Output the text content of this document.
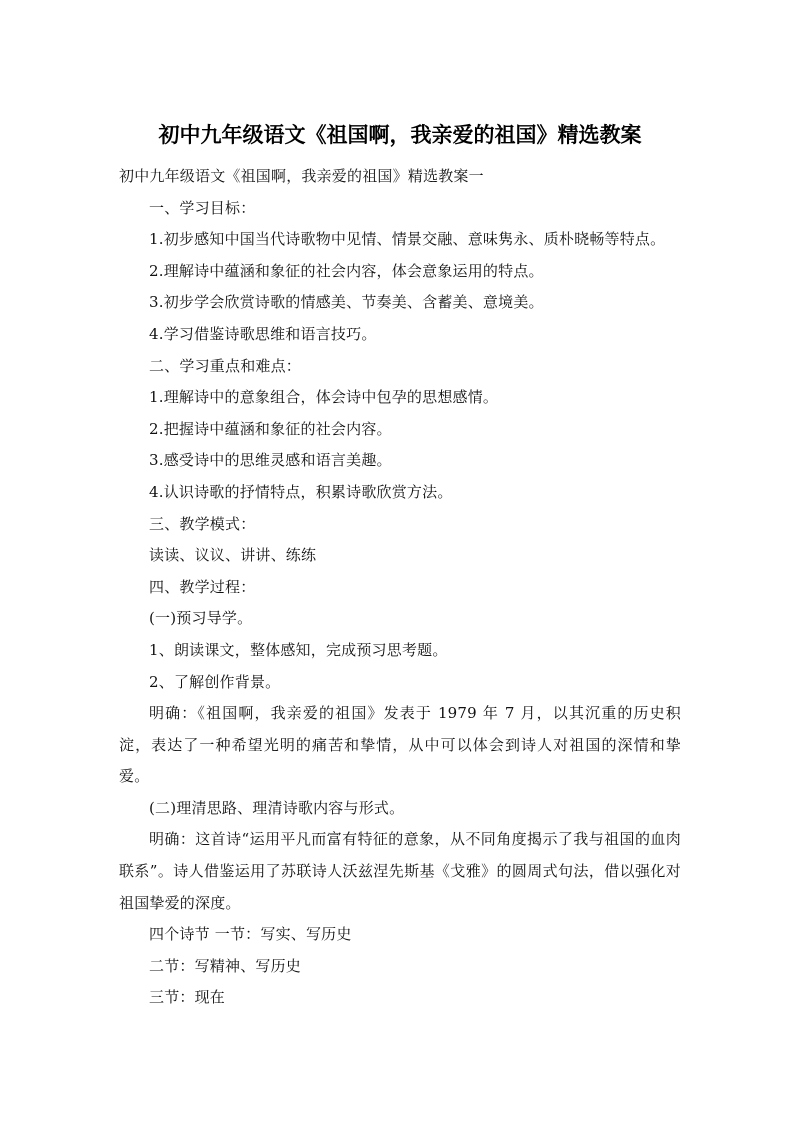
初中九年级语文《祖国啊，我亲爱的祖国》精选教案

初中九年级语文《祖国啊，我亲爱的祖国》精选教案一

一、学习目标：

1.初步感知中国当代诗歌物中见情、情景交融、意味隽永、质朴晓畅等特点。

2.理解诗中蕴涵和象征的社会内容，体会意象运用的特点。

3.初步学会欣赏诗歌的情感美、节奏美、含蓄美、意境美。

4.学习借鉴诗歌思维和语言技巧。

二、学习重点和难点：

1.理解诗中的意象组合，体会诗中包孕的思想感情。

2.把握诗中蕴涵和象征的社会内容。

3.感受诗中的思维灵感和语言美趣。

4.认识诗歌的抒情特点，积累诗歌欣赏方法。

三、教学模式：

读读、议议、讲讲、练练

四、教学过程：

(一)预习导学。

1、朗读课文，整体感知，完成预习思考题。

2、了解创作背景。

明确：《祖国啊，我亲爱的祖国》发表于 1979 年 7 月，以其沉重的历史积淀，表达了一种希望光明的痛苦和挚情，从中可以体会到诗人对祖国的深情和挚爱。

(二)理清思路、理清诗歌内容与形式。

明确：这首诗“运用平凡而富有特征的意象，从不同角度揭示了我与祖国的血肉联系”。诗人借鉴运用了苏联诗人沃兹涅先斯基《戈雅》的圆周式句法，借以强化对祖国挚爱的深度。

四个诗节 一节：写实、写历史

二节：写精神、写历史

三节：现在
